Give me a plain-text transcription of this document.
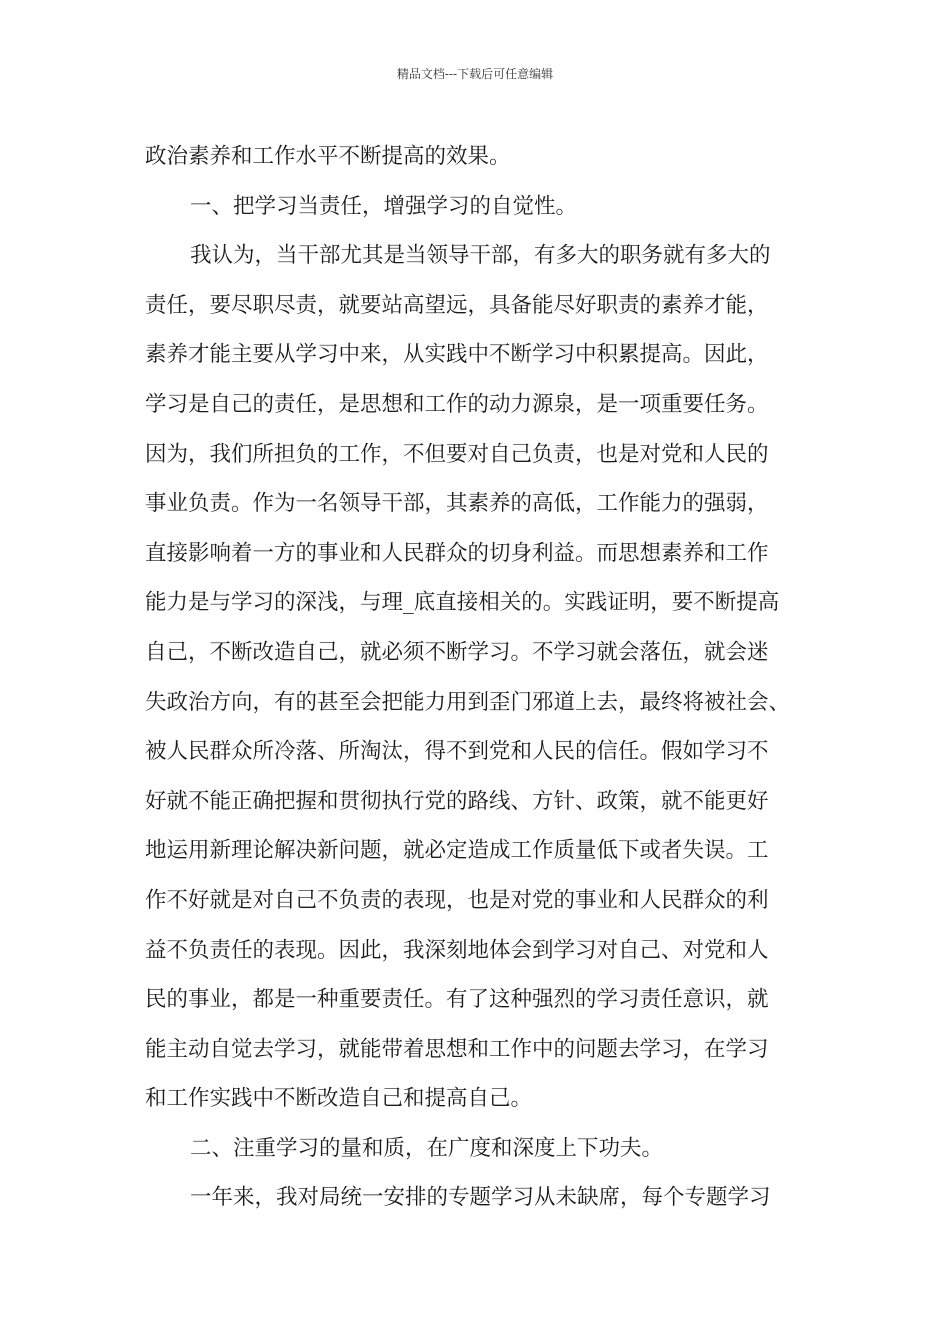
精品文档---下载后可任意编辑
政治素养和工作水平不断提高的效果。
一、把学习当责任，增强学习的自觉性。
我认为，当干部尤其是当领导干部，有多大的职务就有多大的
责任，要尽职尽责，就要站高望远，具备能尽好职责的素养才能，
素养才能主要从学习中来，从实践中不断学习中积累提高。因此，
学习是自己的责任，是思想和工作的动力源泉，是一项重要任务。
因为，我们所担负的工作，不但要对自己负责，也是对党和人民的
事业负责。作为一名领导干部，其素养的高低，工作能力的强弱，
直接影响着一方的事业和人民群众的切身利益。而思想素养和工作
能力是与学习的深浅，与理_底直接相关的。实践证明，要不断提高
自己，不断改造自己，就必须不断学习。不学习就会落伍，就会迷
失政治方向，有的甚至会把能力用到歪门邪道上去，最终将被社会、
被人民群众所冷落、所淘汰，得不到党和人民的信任。假如学习不
好就不能正确把握和贯彻执行党的路线、方针、政策，就不能更好
地运用新理论解决新问题，就必定造成工作质量低下或者失误。工
作不好就是对自己不负责的表现，也是对党的事业和人民群众的利
益不负责任的表现。因此，我深刻地体会到学习对自己、对党和人
民的事业，都是一种重要责任。有了这种强烈的学习责任意识，就
能主动自觉去学习，就能带着思想和工作中的问题去学习，在学习
和工作实践中不断改造自己和提高自己。
二、注重学习的量和质，在广度和深度上下功夫。
一年来，我对局统一安排的专题学习从未缺席，每个专题学习
